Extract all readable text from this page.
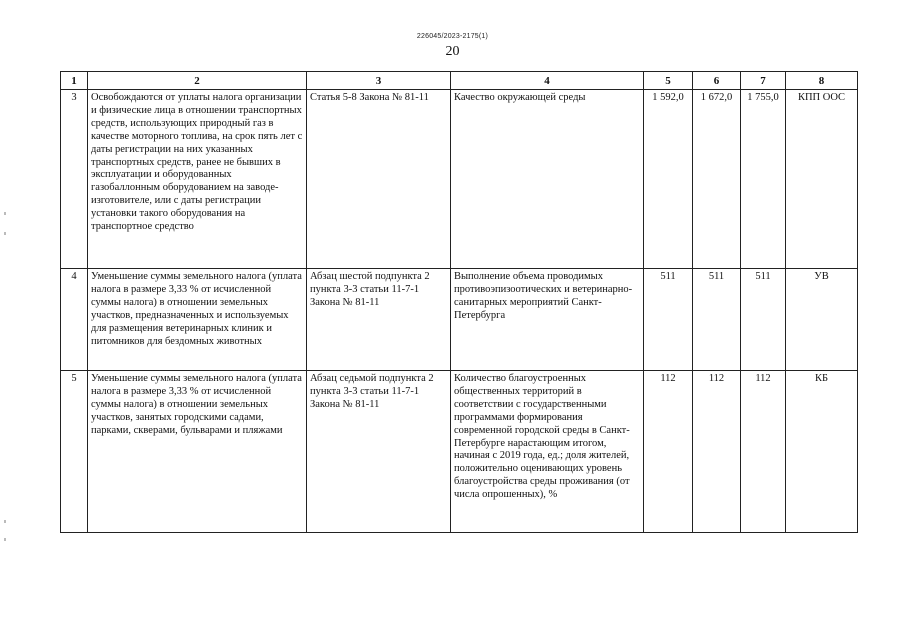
226045/2023-2175(1)
20
1	2	3	4	5	6	7	8
3	Освобождаются от уплаты налога организации и физические лица в отношении транспортных средств, использующих природный газ в качестве моторного топлива, на срок пять лет с даты регистрации на них указанных транспортных средств, ранее не бывших в эксплуатации и оборудованных газобаллонным оборудованием на заводе-изготовителе, или с даты регистрации установки такого оборудования на транспортное средство	Статья 5-8 Закона № 81-11	Качество окружающей среды	1 592,0	1 672,0	1 755,0	КПП ООС
4	Уменьшение суммы земельного налога (уплата налога в размере 3,33 % от исчисленной суммы налога) в отношении земельных участков, предназначенных и используемых для размещения ветеринарных клиник и питомников для бездомных животных	Абзац шестой подпункта 2 пункта 3-3 статьи 11-7-1 Закона № 81-11	Выполнение объема проводимых противоэпизоотических и ветеринарно-санитарных мероприятий Санкт-Петербурга	511	511	511	УВ
5	Уменьшение суммы земельного налога (уплата налога в размере 3,33 % от исчисленной суммы налога) в отношении земельных участков, занятых городскими садами, парками, скверами, бульварами и пляжами	Абзац седьмой подпункта 2 пункта 3-3 статьи 11-7-1 Закона № 81-11	Количество благоустроенных общественных территорий в соответствии с государственными программами формирования современной городской среды в Санкт-Петербурге нарастающим итогом, начиная с 2019 года, ед.; доля жителей, положительно оценивающих уровень благоустройства среды проживания (от числа опрошенных), %	112	112	112	КБ
